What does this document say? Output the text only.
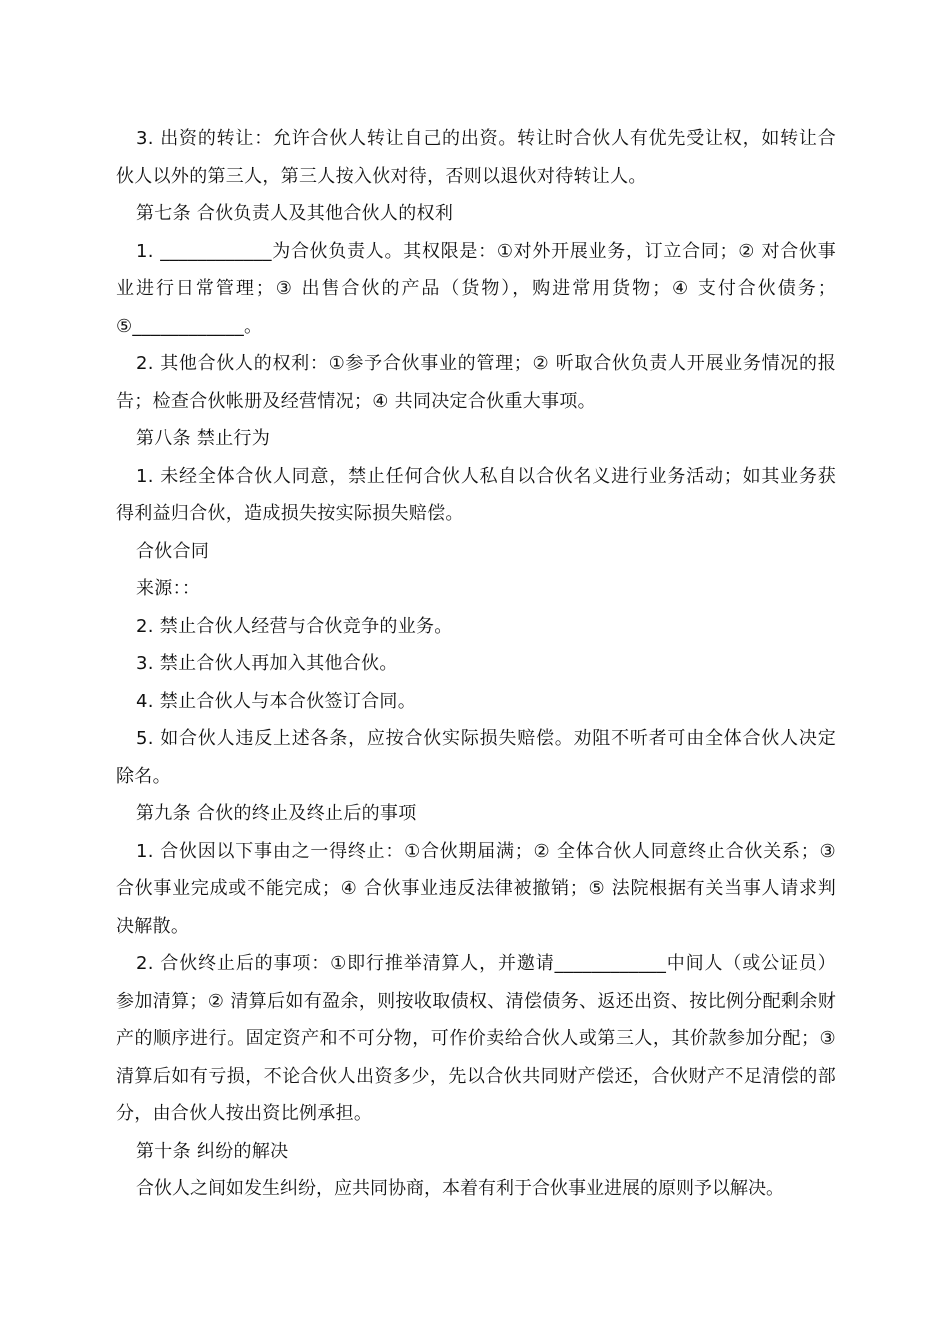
3. 出资的转让：允许合伙人转让自己的出资。转让时合伙人有优先受让权，如转让合伙人以外的第三人，第三人按入伙对待，否则以退伙对待转让人。

第七条 合伙负责人及其他合伙人的权利

1. ____________为合伙负责人。其权限是：①对外开展业务，订立合同；② 对合伙事业进行日常管理；③ 出售合伙的产品（货物），购进常用货物；④ 支付合伙债务；⑤____________。

2. 其他合伙人的权利：①参予合伙事业的管理；② 听取合伙负责人开展业务情况的报告；检查合伙帐册及经营情况；④ 共同决定合伙重大事项。

第八条 禁止行为

1. 未经全体合伙人同意，禁止任何合伙人私自以合伙名义进行业务活动；如其业务获得利益归合伙，造成损失按实际损失赔偿。

合伙合同

来源：：

2. 禁止合伙人经营与合伙竞争的业务。

3. 禁止合伙人再加入其他合伙。

4. 禁止合伙人与本合伙签订合同。

5. 如合伙人违反上述各条，应按合伙实际损失赔偿。劝阻不听者可由全体合伙人决定除名。

第九条 合伙的终止及终止后的事项

1. 合伙因以下事由之一得终止：①合伙期届满；② 全体合伙人同意终止合伙关系；③合伙事业完成或不能完成；④ 合伙事业违反法律被撤销；⑤ 法院根据有关当事人请求判决解散。

2. 合伙终止后的事项：①即行推举清算人，并邀请____________中间人（或公证员）参加清算；② 清算后如有盈余，则按收取债权、清偿债务、返还出资、按比例分配剩余财产的顺序进行。固定资产和不可分物，可作价卖给合伙人或第三人，其价款参加分配；③ 清算后如有亏损，不论合伙人出资多少，先以合伙共同财产偿还，合伙财产不足清偿的部分，由合伙人按出资比例承担。

第十条 纠纷的解决

合伙人之间如发生纠纷，应共同协商，本着有利于合伙事业进展的原则予以解决。
